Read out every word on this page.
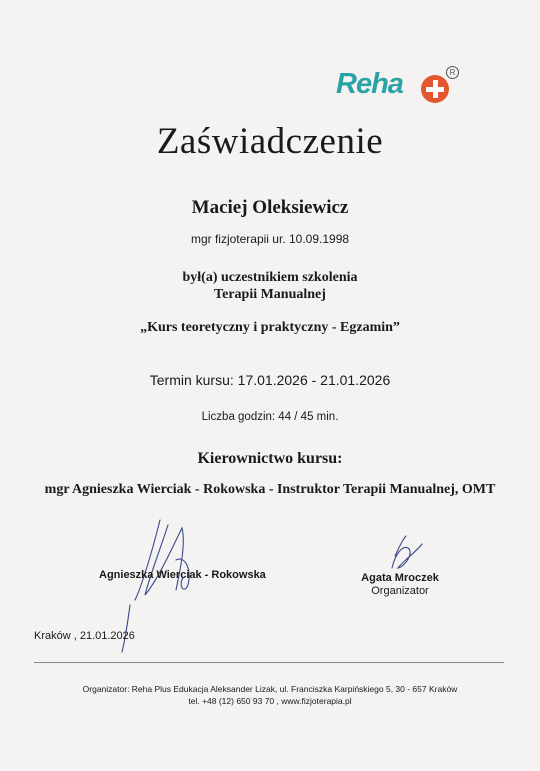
Reha	R
Zaświadczenie
Maciej Oleksiewicz
mgr fizjoterapii ur. 10.09.1998
był(a) uczestnikiem szkolenia
Terapii Manualnej
„Kurs teoretyczny i praktyczny - Egzamin”
Termin kursu: 17.01.2026 - 21.01.2026
Liczba godzin: 44 / 45 min.
Kierownictwo kursu:
mgr Agnieszka Wierciak - Rokowska - Instruktor Terapii Manualnej, OMT
Agnieszka Wierciak - Rokowska	Agata Mroczek
Organizator
Kraków , 21.01.2026
Organizator: Reha Plus Edukacja Aleksander Lizak, ul. Franciszka Karpińskiego 5, 30 - 657 Kraków
tel. +48 (12) 650 93 70 , www.fizjoterapia.pl
